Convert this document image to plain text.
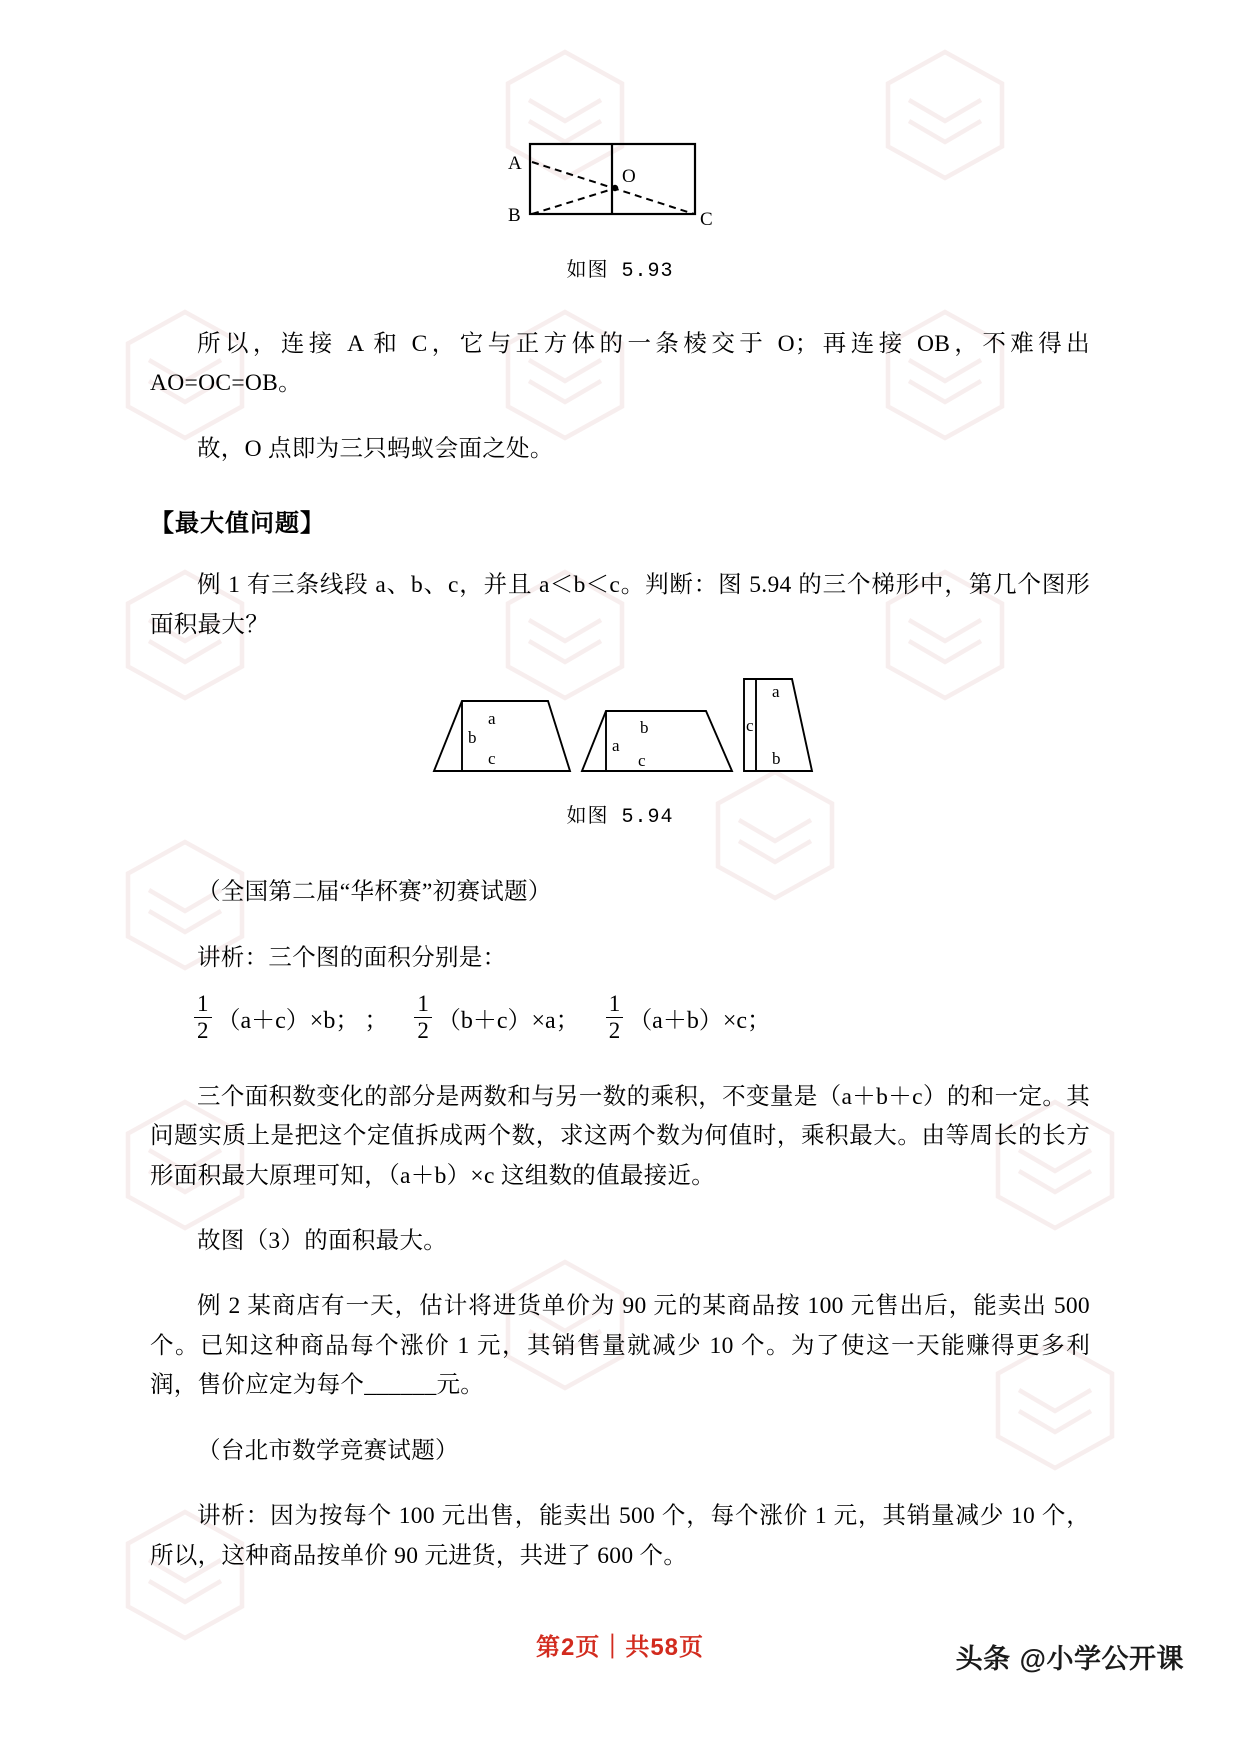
A
B	C
O
如图 5.93

所以，连接 A 和 C，它与正方体的一条棱交于 O；再连接 OB，不难得出 AO=OC=OB。

故，O 点即为三只蚂蚁会面之处。

【最大值问题】

例 1 有三条线段 a、b、c，并且 a＜b＜c。判断：图 5.94 的三个梯形中，第几个图形面积最大？

a
b
c
b
a
c
a
c
b
如图 5.94

（全国第二届“华杯赛”初赛试题）

讲析：三个图的面积分别是：

$\frac{1}{2} (a+c)\times b$； ； $\frac{1}{2} (b+c)\times a$； $\frac{1}{2} (a+b)\times c$；

三个面积数变化的部分是两数和与另一数的乘积，不变量是（a＋b＋c）的和一定。其问题实质上是把这个定值拆成两个数，求这两个数为何值时，乘积最大。由等周长的长方形面积最大原理可知，（a＋b）×c 这组数的值最接近。

故图（3）的面积最大。

例 2 某商店有一天，估计将进货单价为 90 元的某商品按 100 元售出后，能卖出 500 个。已知这种商品每个涨价 1 元，其销售量就减少 10 个。为了使这一天能赚得更多利润，售价应定为每个______元。

（台北市数学竞赛试题）

讲析：因为按每个 100 元出售，能卖出 500 个，每个涨价 1 元，其销量减少 10 个，所以，这种商品按单价 90 元进货，共进了 600 个。

第2页｜共58页	头条 @小学公开课
